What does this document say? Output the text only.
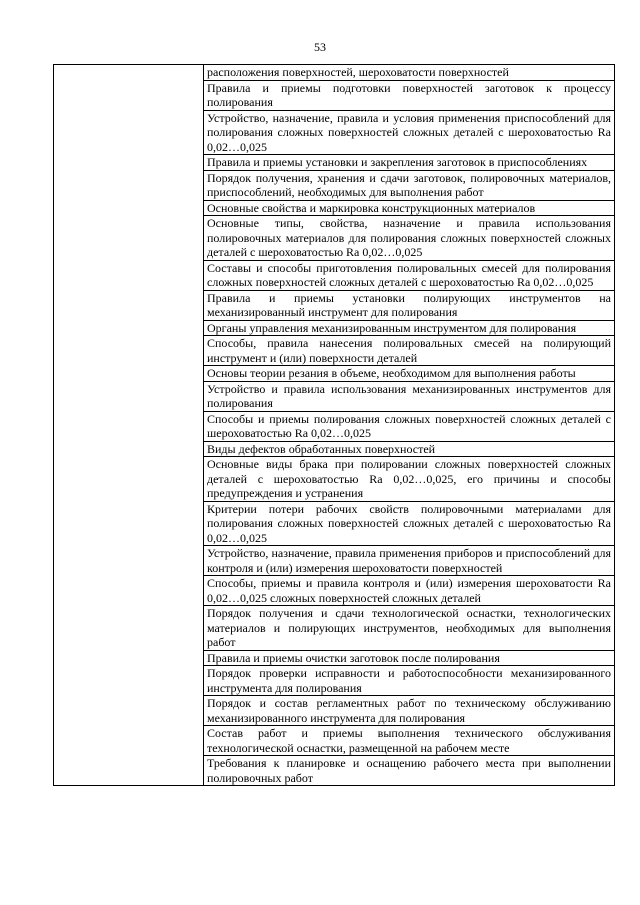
53
	расположения поверхностей, шероховатости поверхностей
Правила и приемы подготовки поверхностей заготовок к процессу полирования
Устройство, назначение, правила и условия применения приспособлений для полирования сложных поверхностей сложных деталей с шероховатостью Ra 0,02…0,025
Правила и приемы установки и закрепления заготовок в приспособлениях
Порядок получения, хранения и сдачи заготовок, полировочных материалов, приспособлений, необходимых для выполнения работ
Основные свойства и маркировка конструкционных материалов
Основные типы, свойства, назначение и правила использования полировочных материалов для полирования сложных поверхностей сложных деталей с шероховатостью Ra 0,02…0,025
Составы и способы приготовления полировальных смесей для полирования сложных поверхностей сложных деталей с шероховатостью Ra 0,02…0,025
Правила и приемы установки полирующих инструментов на механизированный инструмент для полирования
Органы управления механизированным инструментом для полирования
Способы, правила нанесения полировальных смесей на полирующий инструмент и (или) поверхности деталей
Основы теории резания в объеме, необходимом для выполнения работы
Устройство и правила использования механизированных инструментов для полирования
Способы и приемы полирования сложных поверхностей сложных деталей с шероховатостью Ra 0,02…0,025
Виды дефектов обработанных поверхностей
Основные виды брака при полировании сложных поверхностей сложных деталей с шероховатостью Ra 0,02…0,025, его причины и способы предупреждения и устранения
Критерии потери рабочих свойств полировочными материалами для полирования сложных поверхностей сложных деталей с шероховатостью Ra 0,02…0,025
Устройство, назначение, правила применения приборов и приспособлений для контроля и (или) измерения шероховатости поверхностей
Способы, приемы и правила контроля и (или) измерения шероховатости Ra 0,02…0,025 сложных поверхностей сложных деталей
Порядок получения и сдачи технологической оснастки, технологических материалов и полирующих инструментов, необходимых для выполнения работ
Правила и приемы очистки заготовок после полирования
Порядок проверки исправности и работоспособности механизированного инструмента для полирования
Порядок и состав регламентных работ по техническому обслуживанию механизированного инструмента для полирования
Состав работ и приемы выполнения технического обслуживания технологической оснастки, размещенной на рабочем месте
Требования к планировке и оснащению рабочего места при выполнении полировочных работ
